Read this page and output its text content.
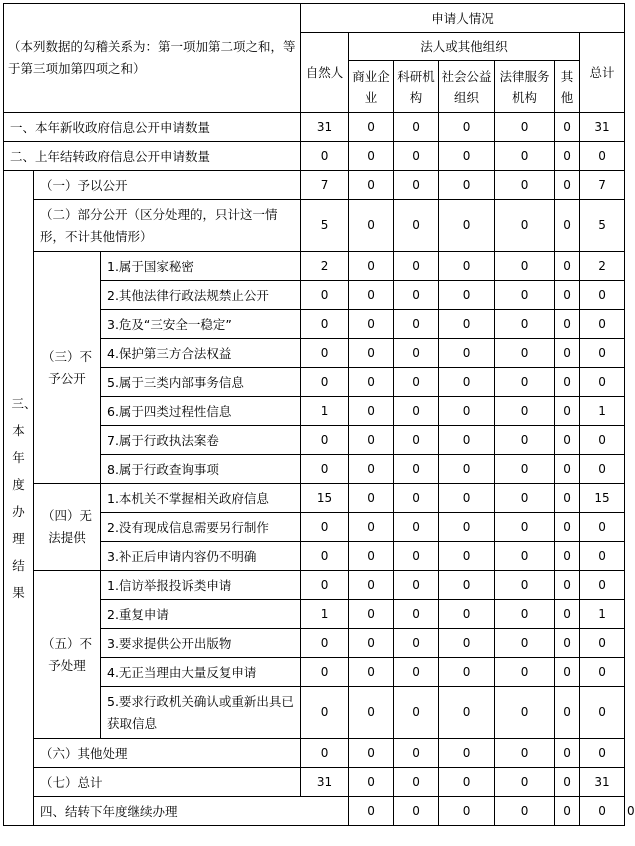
（本列数据的勾稽关系为：第一项加第二项之和，等于第三项加第四项之和）			申请人情况							
			自然人	法人或其他组织					总计	
				商业企业	科研机构	社会公益组织	法律服务机构	其他		
一、本年新收政府信息公开申请数量			31	0	0	0	0	0	31	
二、上年结转政府信息公开申请数量			0	0	0	0	0	0	0	
三、本年度办理结果	（一）予以公开		7	0	0	0	0	0	7	
	（二）部分公开（区分处理的，只计这一情形，不计其他情形）		5	0	0	0	0	0	5	
	（三）不予公开	1.属于国家秘密	2	0	0	0	0	0	2	
		2.其他法律行政法规禁止公开	0	0	0	0	0	0	0	
		3.危及“三安全一稳定”	0	0	0	0	0	0	0	
		4.保护第三方合法权益	0	0	0	0	0	0	0	
		5.属于三类内部事务信息	0	0	0	0	0	0	0	
		6.属于四类过程性信息	1	0	0	0	0	0	1	
		7.属于行政执法案卷	0	0	0	0	0	0	0	
		8.属于行政查询事项	0	0	0	0	0	0	0	
	（四）无法提供	1.本机关不掌握相关政府信息	15	0	0	0	0	0	15	
		2.没有现成信息需要另行制作	0	0	0	0	0	0	0	
		3.补正后申请内容仍不明确	0	0	0	0	0	0	0	
	（五）不予处理	1.信访举报投诉类申请	0	0	0	0	0	0	0	
		2.重复申请	1	0	0	0	0	0	1	
		3.要求提供公开出版物	0	0	0	0	0	0	0	
		4.无正当理由大量反复申请	0	0	0	0	0	0	0	
		5.要求行政机关确认或重新出具已获取信息	0	0	0	0	0	0	0	
	（六）其他处理		0	0	0	0	0	0	0	
	（七）总计		31	0	0	0	0	0	31	
	四、结转下年度继续办理			0	0	0	0	0	0	0
